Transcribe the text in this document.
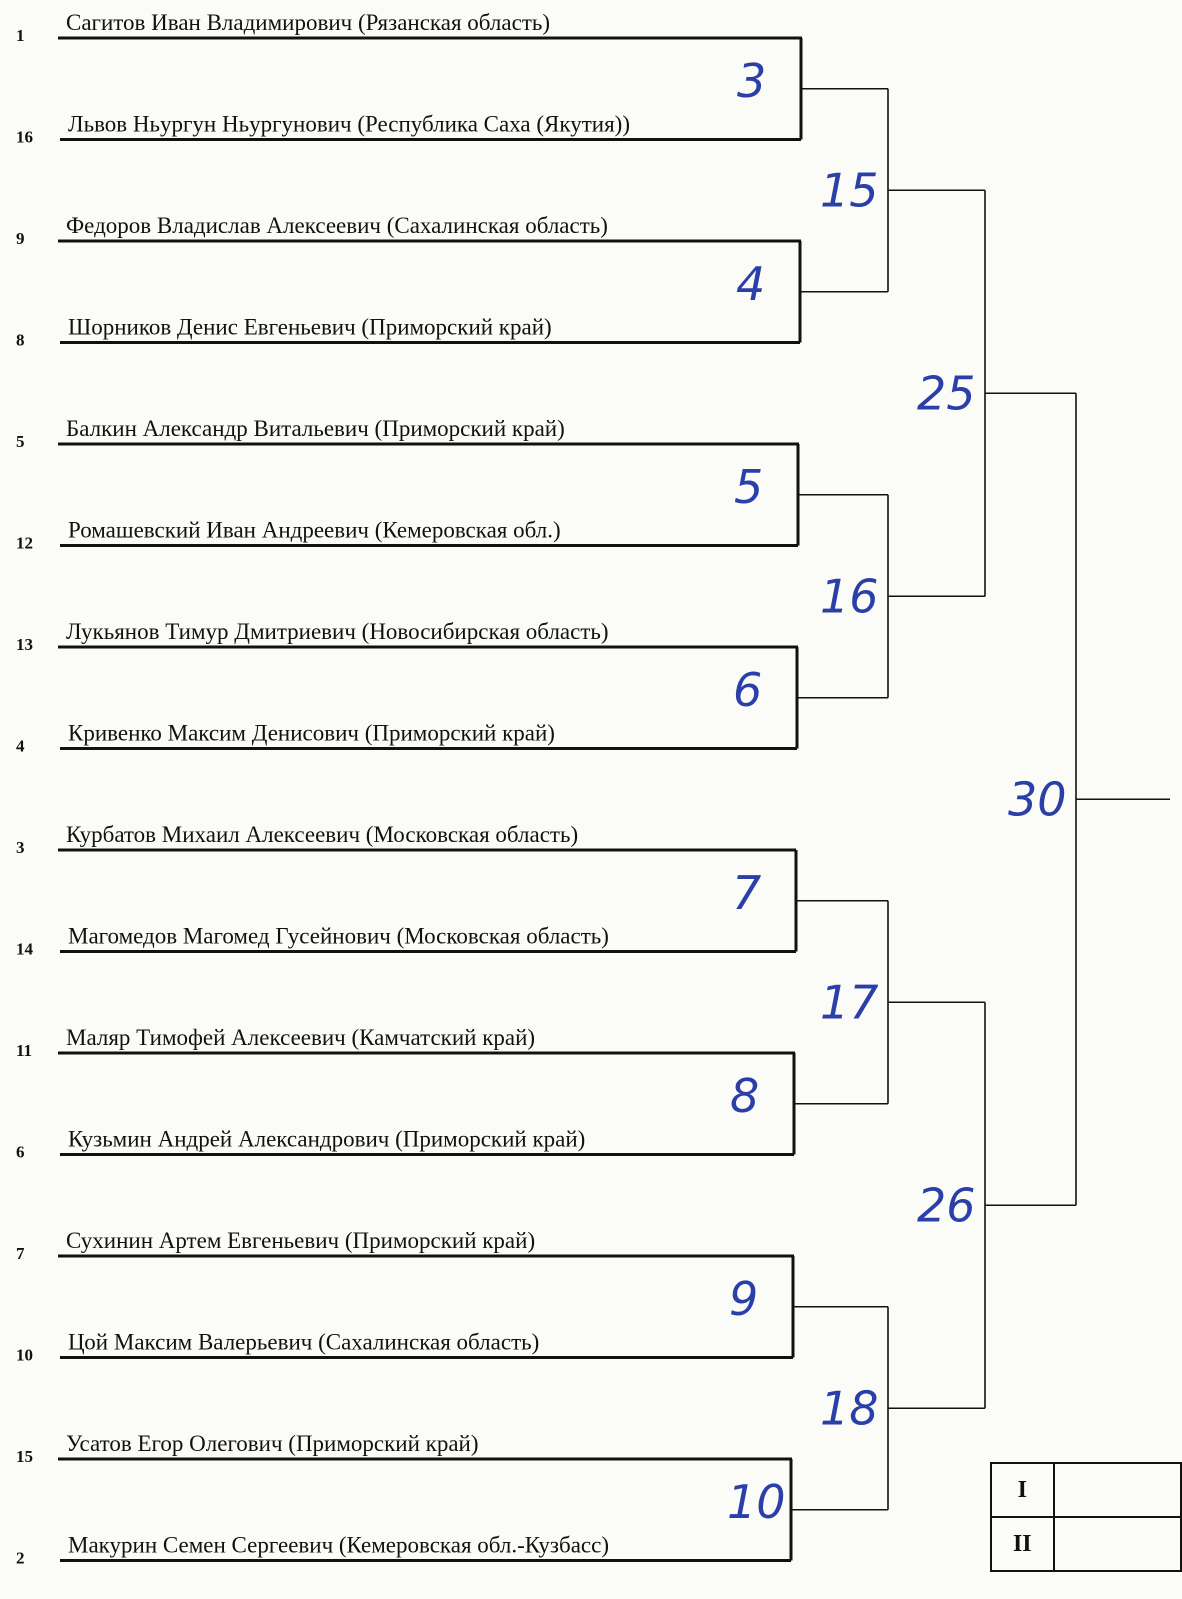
1
Сагитов Иван Владимирович (Рязанская область)
16
Львов Ньургун Ньургунович (Республика Саха (Якутия))
9
Федоров Владислав Алексеевич (Сахалинская область)
8
Шорников Денис Евгеньевич (Приморский край)
5
Балкин Александр Витальевич (Приморский край)
12
Ромашевский Иван Андреевич (Кемеровская обл.)
13
Лукьянов Тимур Дмитриевич (Новосибирская область)
4
Кривенко Максим Денисович (Приморский край)
3
Курбатов Михаил Алексеевич (Московская область)
14
Магомедов Магомед Гусейнович (Московская область)
11
Маляр Тимофей Алексеевич (Камчатский край)
6
Кузьмин Андрей Александрович (Приморский край)
7
Сухинин Артем Евгеньевич (Приморский край)
10
Цой Максим Валерьевич (Сахалинская область)
15
Усатов Егор Олегович (Приморский край)
2
Макурин Семен Сергеевич (Кемеровская обл.-Кузбасс)
3
4
5
6
7
8
9
10
15
16
17
18
25
26
30
I	
II	
